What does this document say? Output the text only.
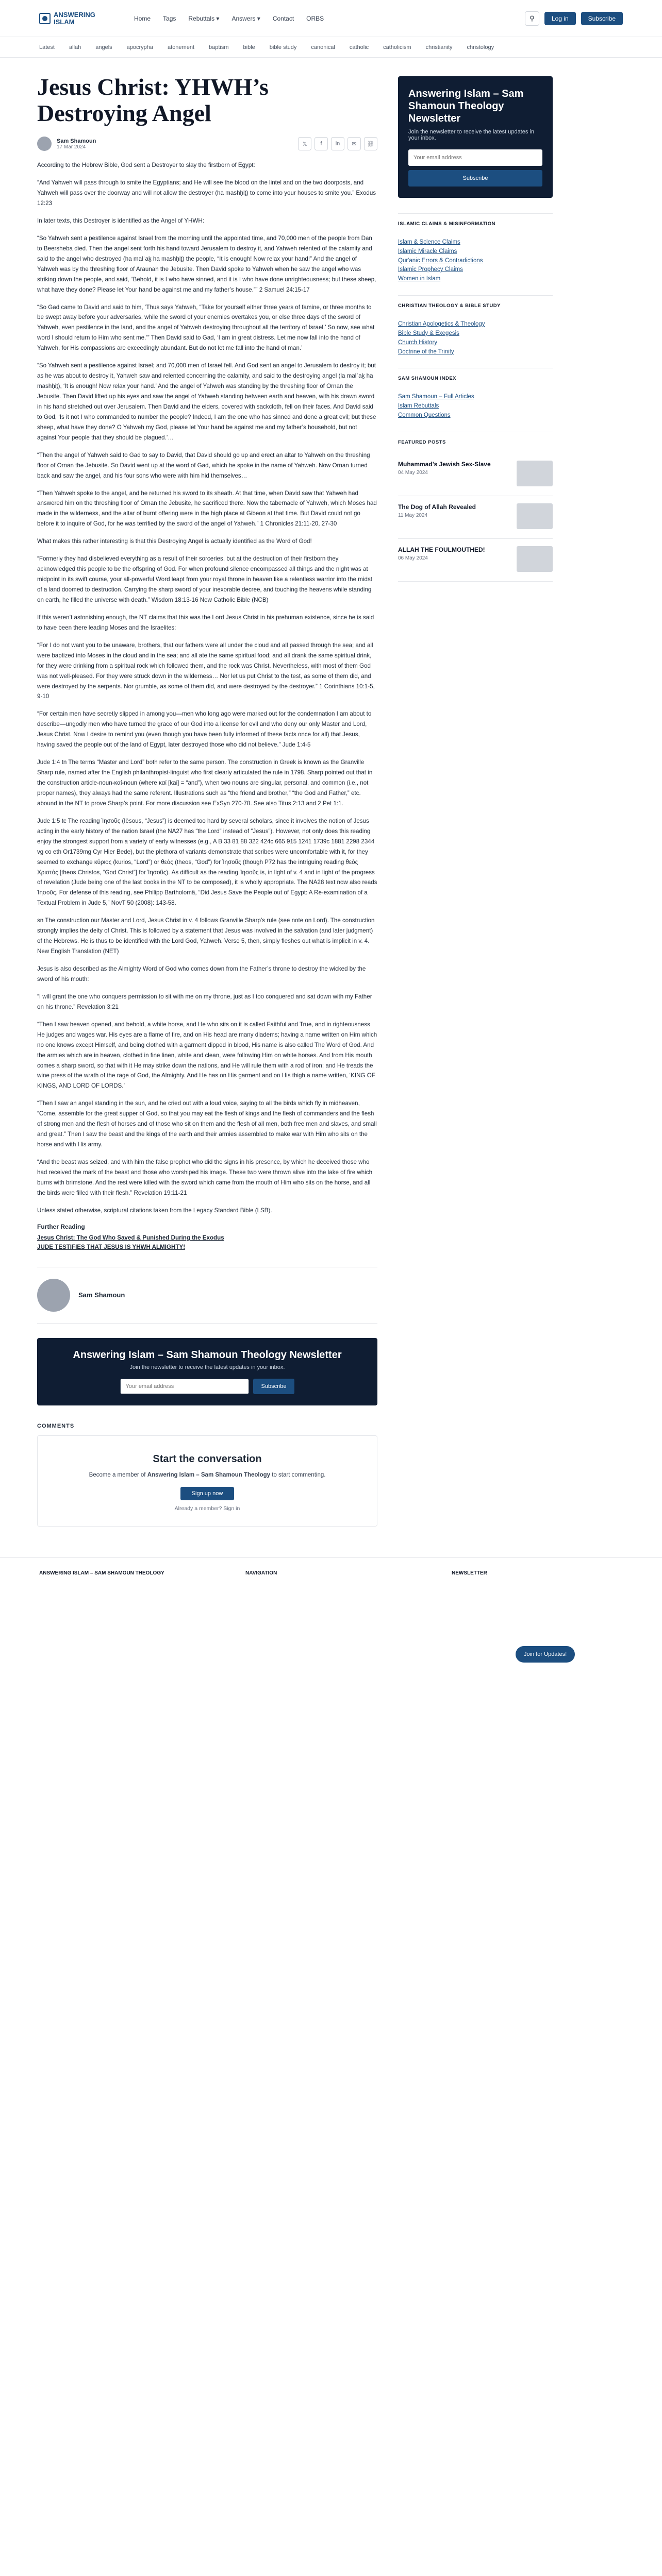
ANSWERING
ISLAM	Home Tags Rebuttals ▾ Answers ▾ Contact ORBS	⚲	Log in	Subscribe
Latest	allah	angels	apocrypha	atonement	baptism	bible	bible study	canonical	catholic	catholicism	christianity	christology
Jesus Christ: YHWH’s Destroying Angel
Sam Shamoun
17 Mar 2024	𝕏	f	in	✉	⛓

According to the Hebrew Bible, God sent a Destroyer to slay the firstborn of Egypt:

“And Yahweh will pass through to smite the Egyptians; and He will see the blood on the lintel and on the two doorposts, and Yahweh will pass over the doorway and will not allow the destroyer (ha mashḥiṯ) to come into your houses to smite you.” Exodus 12:23

In later texts, this Destroyer is identified as the Angel of YHWH:

“So Yahweh sent a pestilence against Israel from the morning until the appointed time, and 70,000 men of the people from Dan to Beersheba died. Then the angel sent forth his hand toward Jerusalem to destroy it, and Yahweh relented of the calamity and said to the angel who destroyed (ha malʾaḵ ha mashḥiṯ) the people, “It is enough! Now relax your hand!” And the angel of Yahweh was by the threshing floor of Araunah the Jebusite. Then David spoke to Yahweh when he saw the angel who was striking down the people, and said, “Behold, it is I who have sinned, and it is I who have done unrighteousness; but these sheep, what have they done? Please let Your hand be against me and my father’s house.”” 2 Samuel 24:15-17

“So Gad came to David and said to him, ‘Thus says Yahweh, “Take for yourself either three years of famine, or three months to be swept away before your adversaries, while the sword of your enemies overtakes you, or else three days of the sword of Yahweh, even pestilence in the land, and the angel of Yahweh destroying throughout all the territory of Israel.’ So now, see what word I should return to Him who sent me.’” Then David said to Gad, ‘I am in great distress. Let me now fall into the hand of Yahweh, for His compassions are exceedingly abundant. But do not let me fall into the hand of man.’

“So Yahweh sent a pestilence against Israel; and 70,000 men of Israel fell. And God sent an angel to Jerusalem to destroy it; but as he was about to destroy it, Yahweh saw and relented concerning the calamity, and said to the destroying angel (la malʾaḵ ha mashḥiṯ), ‘It is enough! Now relax your hand.’ And the angel of Yahweh was standing by the threshing floor of Ornan the Jebusite. Then David lifted up his eyes and saw the angel of Yahweh standing between earth and heaven, with his drawn sword in his hand stretched out over Jerusalem. Then David and the elders, covered with sackcloth, fell on their faces. And David said to God, ‘Is it not I who commanded to number the people? Indeed, I am the one who has sinned and done a great evil; but these sheep, what have they done? O Yahweh my God, please let Your hand be against me and my father’s household, but not against Your people that they should be plagued.’…

“Then the angel of Yahweh said to Gad to say to David, that David should go up and erect an altar to Yahweh on the threshing floor of Ornan the Jebusite. So David went up at the word of Gad, which he spoke in the name of Yahweh. Now Ornan turned back and saw the angel, and his four sons who were with him hid themselves…

“Then Yahweh spoke to the angel, and he returned his sword to its sheath. At that time, when David saw that Yahweh had answered him on the threshing floor of Ornan the Jebusite, he sacrificed there. Now the tabernacle of Yahweh, which Moses had made in the wilderness, and the altar of burnt offering were in the high place at Gibeon at that time. But David could not go before it to inquire of God, for he was terrified by the sword of the angel of Yahweh.” 1 Chronicles 21:11-20, 27-30

What makes this rather interesting is that this Destroying Angel is actually identified as the Word of God!

“Formerly they had disbelieved everything as a result of their sorceries, but at the destruction of their firstborn they acknowledged this people to be the offspring of God. For when profound silence encompassed all things and the night was at midpoint in its swift course, your all-powerful Word leapt from your royal throne in heaven like a relentless warrior into the midst of a land doomed to destruction. Carrying the sharp sword of your inexorable decree, and touching the heavens while standing on earth, he filled the universe with death.” Wisdom 18:13-16 New Catholic Bible (NCB)

If this weren’t astonishing enough, the NT claims that this was the Lord Jesus Christ in his prehuman existence, since he is said to have been there leading Moses and the Israelites:

“For I do not want you to be unaware, brothers, that our fathers were all under the cloud and all passed through the sea; and all were baptized into Moses in the cloud and in the sea; and all ate the same spiritual food; and all drank the same spiritual drink, for they were drinking from a spiritual rock which followed them, and the rock was Christ. Nevertheless, with most of them God was not well-pleased. For they were struck down in the wilderness… Nor let us put Christ to the test, as some of them did, and were destroyed by the serpents. Nor grumble, as some of them did, and were destroyed by the destroyer.” 1 Corinthians 10:1-5, 9-10

“For certain men have secretly slipped in among you—men who long ago were marked out for the condemnation I am about to describe—ungodly men who have turned the grace of our God into a license for evil and who deny our only Master and Lord, Jesus Christ. Now I desire to remind you (even though you have been fully informed of these facts once for all) that Jesus, having saved the people out of the land of Egypt, later destroyed those who did not believe.” Jude 1:4-5

Jude 1:4 tn The terms “Master and Lord” both refer to the same person. The construction in Greek is known as the Granville Sharp rule, named after the English philanthropist-linguist who first clearly articulated the rule in 1798. Sharp pointed out that in the construction article-noun-καί-noun (where καί [kai] = “and”), when two nouns are singular, personal, and common (i.e., not proper names), they always had the same referent. Illustrations such as “the friend and brother,” “the God and Father,” etc. abound in the NT to prove Sharp’s point. For more discussion see ExSyn 270-78. See also Titus 2:13 and 2 Pet 1:1.

Jude 1:5 tc The reading Ἰησοῦς (Iēsous, “Jesus”) is deemed too hard by several scholars, since it involves the notion of Jesus acting in the early history of the nation Israel (the NA27 has “the Lord” instead of “Jesus”). However, not only does this reading enjoy the strongest support from a variety of early witnesses (e.g., A B 33 81 88 322 424c 665 915 1241 1739c 1881 2298 2344 vg co eth Or1739mg Cyr Hier Bede), but the plethora of variants demonstrate that scribes were uncomfortable with it, for they seemed to exchange κύριος (kurios, “Lord”) or θεός (theos, “God”) for Ἰησοῦς (though P72 has the intriguing reading θεὸς Χριστός [theos Christos, “God Christ”] for Ἰησοῦς). As difficult as the reading Ἰησοῦς is, in light of v. 4 and in light of the progress of revelation (Jude being one of the last books in the NT to be composed), it is wholly appropriate. The NA28 text now also reads Ἰησοῦς. For defense of this reading, see Philipp Bartholomä, “Did Jesus Save the People out of Egypt: A Re-examination of a Textual Problem in Jude 5,” NovT 50 (2008): 143-58.

sn The construction our Master and Lord, Jesus Christ in v. 4 follows Granville Sharp’s rule (see note on Lord). The construction strongly implies the deity of Christ. This is followed by a statement that Jesus was involved in the salvation (and later judgment) of the Hebrews. He is thus to be identified with the Lord God, Yahweh. Verse 5, then, simply fleshes out what is implicit in v. 4. New English Translation (NET)

Jesus is also described as the Almighty Word of God who comes down from the Father’s throne to destroy the wicked by the sword of his mouth:

“I will grant the one who conquers permission to sit with me on my throne, just as I too conquered and sat down with my Father on his throne.” Revelation 3:21

“Then I saw heaven opened, and behold, a white horse, and He who sits on it is called Faithful and True, and in righteousness He judges and wages war. His eyes are a flame of fire, and on His head are many diadems; having a name written on Him which no one knows except Himself, and being clothed with a garment dipped in blood, His name is also called The Word of God. And the armies which are in heaven, clothed in fine linen, white and clean, were following Him on white horses. And from His mouth comes a sharp sword, so that with it He may strike down the nations, and He will rule them with a rod of iron; and He treads the wine press of the wrath of the rage of God, the Almighty. And He has on His garment and on His thigh a name written, ‘KING OF KINGS, AND LORD OF LORDS.’

“Then I saw an angel standing in the sun, and he cried out with a loud voice, saying to all the birds which fly in midheaven, “Come, assemble for the great supper of God, so that you may eat the flesh of kings and the flesh of commanders and the flesh of strong men and the flesh of horses and of those who sit on them and the flesh of all men, both free men and slaves, and small and great.” Then I saw the beast and the kings of the earth and their armies assembled to make war with Him who sits on the horse and with His army.

“And the beast was seized, and with him the false prophet who did the signs in his presence, by which he deceived those who had received the mark of the beast and those who worshiped his image. These two were thrown alive into the lake of fire which burns with brimstone. And the rest were killed with the sword which came from the mouth of Him who sits on the horse, and all the birds were filled with their flesh.” Revelation 19:11-21

Unless stated otherwise, scriptural citations taken from the Legacy Standard Bible (LSB).

Further Reading
Jesus Christ: The God Who Saved & Punished During the Exodus
JUDE TESTIFIES THAT JESUS IS YHWH ALMIGHTY!
Sam Shamoun
Answering Islam – Sam Shamoun Theology Newsletter
Join the newsletter to receive the latest updates in your inbox.
Your email address
Subscribe
COMMENTS
Start the conversation

Become a member of Answering Islam – Sam Shamoun Theology to start commenting.

Sign up now
Already a member? Sign in
Answering Islam – Sam Shamoun Theology Newsletter
Join the newsletter to receive the latest updates in your inbox.
Your email address
Subscribe
ISLAMIC CLAIMS & MISINFORMATION
Islam & Science Claims
Islamic Miracle Claims
Qur'anic Errors & Contradictions
Islamic Prophecy Claims
Women in Islam
CHRISTIAN THEOLOGY & BIBLE STUDY
Christian Apologetics & Theology
Bible Study & Exegesis
Church History
Doctrine of the Trinity
SAM SHAMOUN INDEX
Sam Shamoun – Full Articles
Islam Rebuttals
Common Questions
FEATURED POSTS
Muhammad’s Jewish Sex-Slave
04 May 2024
The Dog of Allah Revealed
11 May 2024
ALLAH THE FOULMOUTHED!
06 May 2024
Join for Updates!
ANSWERING ISLAM – SAM SHAMOUN THEOLOGY	NAVIGATION	NEWSLETTER
